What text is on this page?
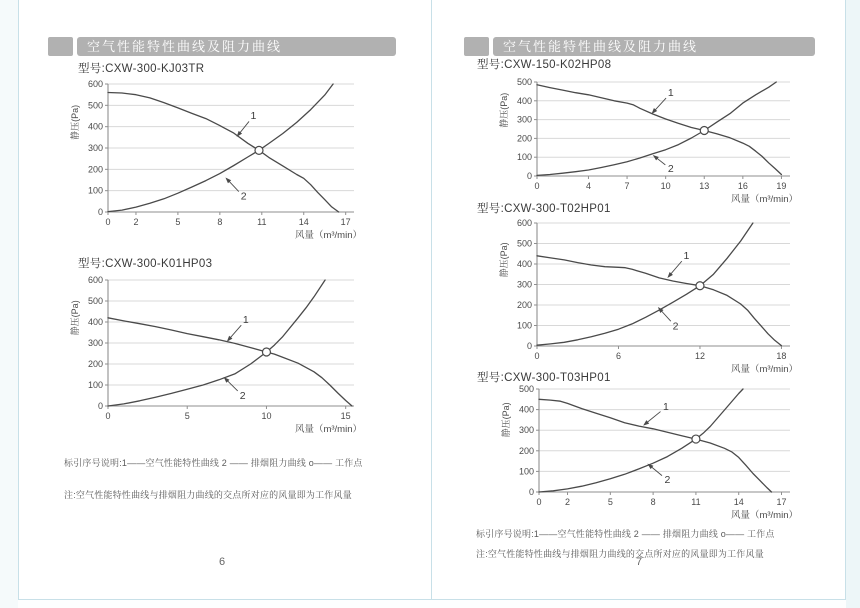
空气性能特性曲线及阻力曲线
型号:CXW-300-KJ03TR
0
100
200
300
400
500
600
0	2	5	8	11	14	17
静压(Pa)
风量（m³/min）
1
2
型号:CXW-300-K01HP03
0
100
200
300
400
500
600
0	5	10	15
静压(Pa)
风量（m³/min）
1
2
标引序号说明:1——空气性能特性曲线 2 —— 排烟阻力曲线 o—— 工作点
注:空气性能特性曲线与排烟阻力曲线的交点所对应的风量即为工作风量
6
空气性能特性曲线及阻力曲线
型号:CXW-150-K02HP08
0
100
200
300
400
500
0	4	7	10	13	16	19
静压(Pa)
风量（m³/min）
1
2
型号:CXW-300-T02HP01
0
100
200
300
400
500
600
0	6	12	18
静压(Pa)
风量（m³/min）
1
2
型号:CXW-300-T03HP01
0
100
200
300
400
500
0	2	5	8	11	14	17
静压(Pa)
风量（m³/min）
1
2
标引序号说明:1——空气性能特性曲线 2 —— 排烟阻力曲线 o—— 工作点
注:空气性能特性曲线与排烟阻力曲线的交点所对应的风量即为工作风量
7
